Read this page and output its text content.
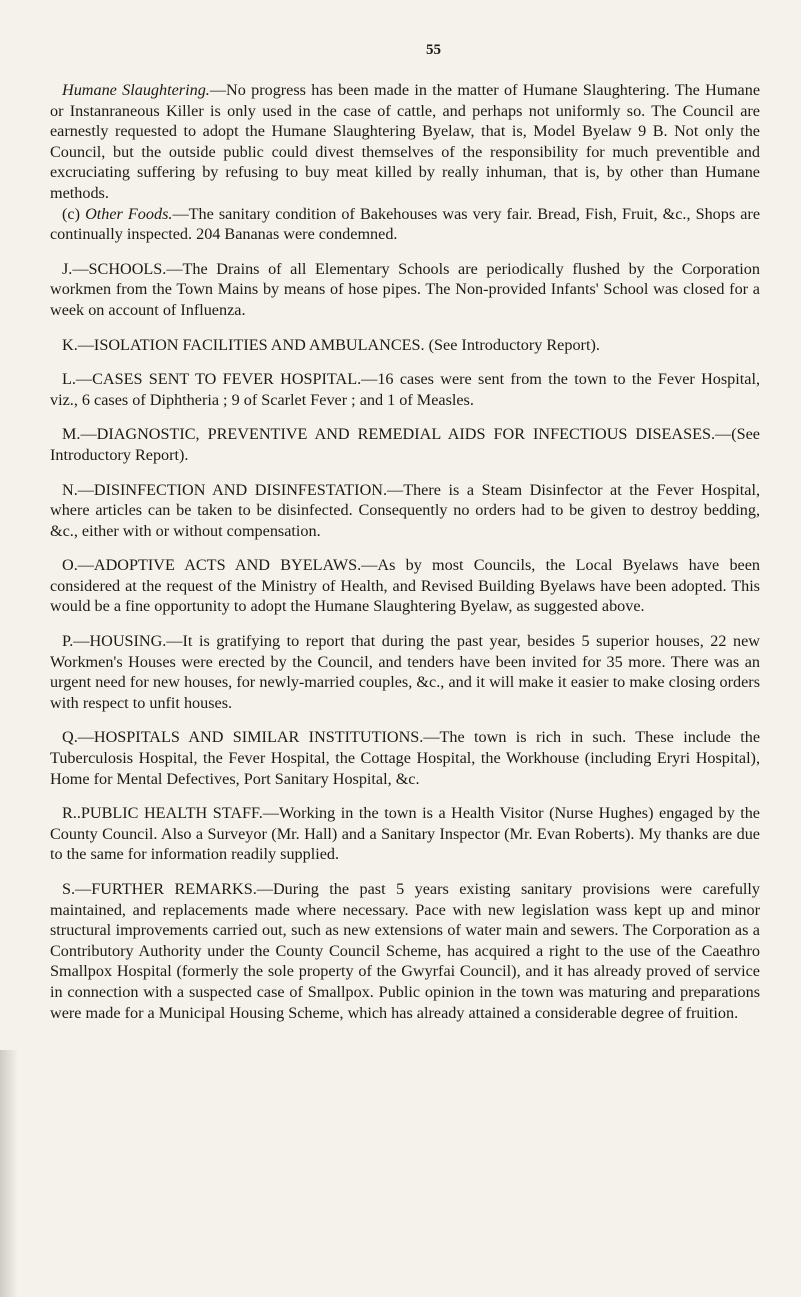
55

Humane Slaughtering.—No progress has been made in the matter of Humane Slaughtering. The Humane or Instanraneous Killer is only used in the case of cattle, and perhaps not uniformly so. The Council are earnestly requested to adopt the Humane Slaughtering Byelaw, that is, Model Byelaw 9 B. Not only the Council, but the outside public could divest themselves of the responsibility for much preventible and excruciating suffering by refusing to buy meat killed by really inhuman, that is, by other than Humane methods.

(c) Other Foods.—The sanitary condition of Bakehouses was very fair. Bread, Fish, Fruit, &c., Shops are continually inspected. 204 Bananas were condemned.

J.—SCHOOLS.—The Drains of all Elementary Schools are periodically flushed by the Corporation workmen from the Town Mains by means of hose pipes. The Non-provided Infants' School was closed for a week on account of Influenza.

K.—ISOLATION FACILITIES AND AMBULANCES. (See Introductory Report).

L.—CASES SENT TO FEVER HOSPITAL.—16 cases were sent from the town to the Fever Hospital, viz., 6 cases of Diphtheria ; 9 of Scarlet Fever ; and 1 of Measles.

M.—DIAGNOSTIC, PREVENTIVE AND REMEDIAL AIDS FOR INFECTIOUS DISEASES.—(See Introductory Report).

N.—DISINFECTION AND DISINFESTATION.—There is a Steam Disinfector at the Fever Hospital, where articles can be taken to be disinfected. Consequently no orders had to be given to destroy bedding, &c., either with or without compensation.

O.—ADOPTIVE ACTS AND BYELAWS.—As by most Councils, the Local Byelaws have been considered at the request of the Ministry of Health, and Revised Building Byelaws have been adopted. This would be a fine opportunity to adopt the Humane Slaughtering Byelaw, as suggested above.

P.—HOUSING.—It is gratifying to report that during the past year, besides 5 superior houses, 22 new Workmen's Houses were erected by the Council, and tenders have been invited for 35 more. There was an urgent need for new houses, for newly-married couples, &c., and it will make it easier to make closing orders with respect to unfit houses.

Q.—HOSPITALS AND SIMILAR INSTITUTIONS.—The town is rich in such. These include the Tuberculosis Hospital, the Fever Hospital, the Cottage Hospital, the Workhouse (including Eryri Hospital), Home for Mental Defectives, Port Sanitary Hospital, &c.

R..PUBLIC HEALTH STAFF.—Working in the town is a Health Visitor (Nurse Hughes) engaged by the County Council. Also a Surveyor (Mr. Hall) and a Sanitary Inspector (Mr. Evan Roberts). My thanks are due to the same for information readily supplied.

S.—FURTHER REMARKS.—During the past 5 years existing sanitary provisions were carefully maintained, and replacements made where necessary. Pace with new legislation wass kept up and minor structural improvements carried out, such as new extensions of water main and sewers. The Corporation as a Contributory Authority under the County Council Scheme, has acquired a right to the use of the Caeathro Smallpox Hospital (formerly the sole property of the Gwyrfai Council), and it has already proved of service in connection with a suspected case of Smallpox. Public opinion in the town was maturing and preparations were made for a Municipal Housing Scheme, which has already attained a considerable degree of fruition.
